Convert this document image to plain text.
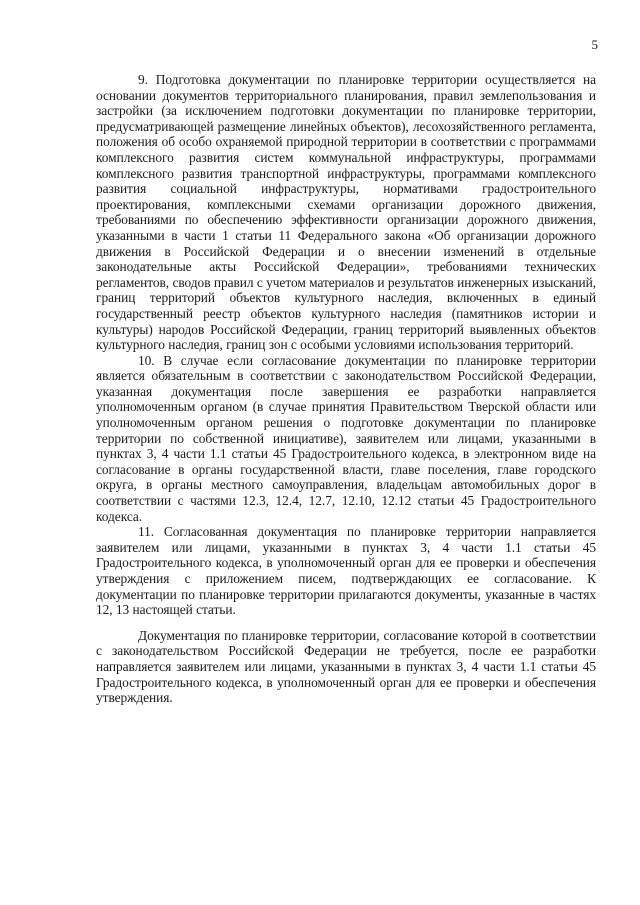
5

9. Подготовка документации по планировке территории осуществляется на основании документов территориального планирования, правил землепользования и застройки (за исключением подготовки документации по планировке территории, предусматривающей размещение линейных объектов), лесохозяйственного регламента, положения об особо охраняемой природной территории в соответствии с программами комплексного развития систем коммунальной инфраструктуры, программами комплексного развития транспортной инфраструктуры, программами комплексного развития социальной инфраструктуры, нормативами градостроительного проектирования, комплексными схемами организации дорожного движения, требованиями по обеспечению эффективности организации дорожного движения, указанными в части 1 статьи 11 Федерального закона «Об организации дорожного движения в Российской Федерации и о внесении изменений в отдельные законодательные акты Российской Федерации», требованиями технических регламентов, сводов правил с учетом материалов и результатов инженерных изысканий, границ территорий объектов культурного наследия, включенных в единый государственный реестр объектов культурного наследия (памятников истории и культуры) народов Российской Федерации, границ территорий выявленных объектов культурного наследия, границ зон с особыми условиями использования территорий.

10. В случае если согласование документации по планировке территории является обязательным в соответствии с законодательством Российской Федерации, указанная документация после завершения ее разработки направляется уполномоченным органом (в случае принятия Правительством Тверской области или уполномоченным органом решения о подготовке документации по планировке территории по собственной инициативе), заявителем или лицами, указанными в пунктах 3, 4 части 1.1 статьи 45 Градостроительного кодекса, в электронном виде на согласование в органы государственной власти, главе поселения, главе городского округа, в органы местного самоуправления, владельцам автомобильных дорог в соответствии с частями 12.3, 12.4, 12.7, 12.10, 12.12 статьи 45 Градостроительного кодекса.

11. Согласованная документация по планировке территории направляется заявителем или лицами, указанными в пунктах 3, 4 части 1.1 статьи 45 Градостроительного кодекса, в уполномоченный орган для ее проверки и обеспечения утверждения с приложением писем, подтверждающих ее согласование. К документации по планировке территории прилагаются документы, указанные в частях 12, 13 настоящей статьи.

Документация по планировке территории, согласование которой в соответствии с законодательством Российской Федерации не требуется, после ее разработки направляется заявителем или лицами, указанными в пунктах 3, 4 части 1.1 статьи 45 Градостроительного кодекса, в уполномоченный орган для ее проверки и обеспечения утверждения.
